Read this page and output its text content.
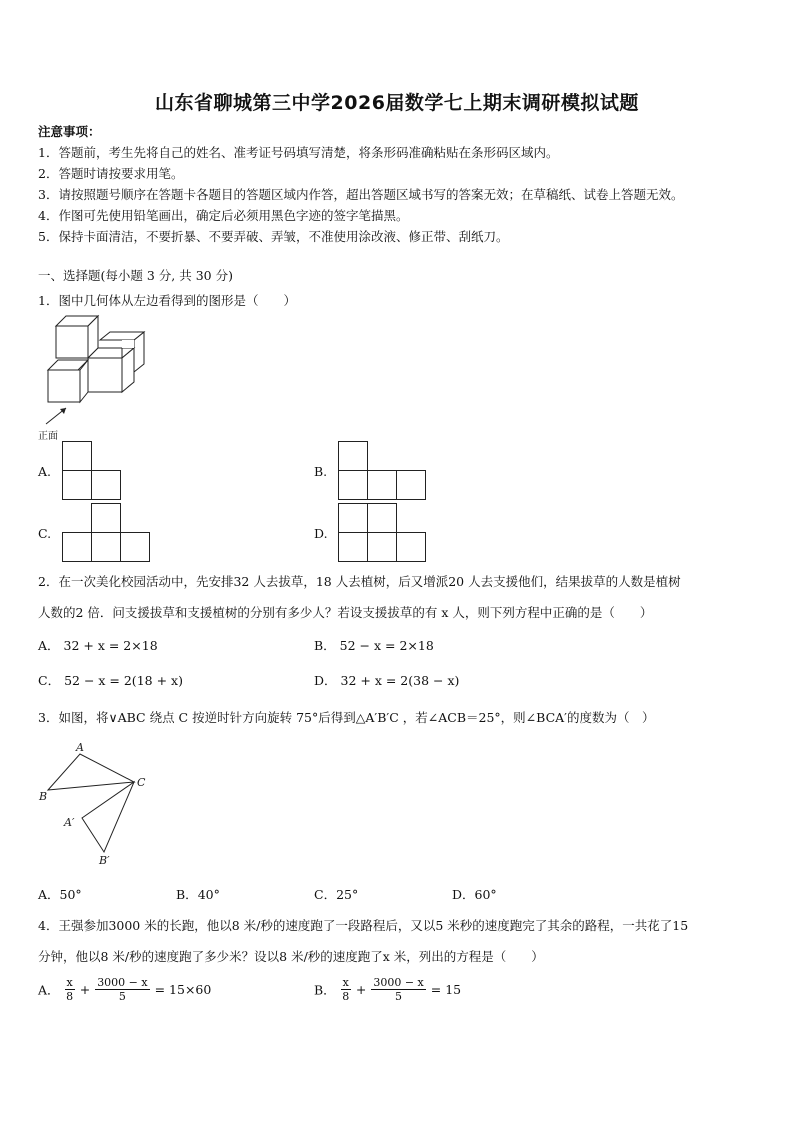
山东省聊城第三中学2026届数学七上期末调研模拟试题
注意事项：
1．答题前，考生先将自己的姓名、准考证号码填写清楚，将条形码准确粘贴在条形码区域内。
2．答题时请按要求用笔。
3．请按照题号顺序在答题卡各题目的答题区域内作答，超出答题区域书写的答案无效；在草稿纸、试卷上答题无效。
4．作图可先使用铅笔画出，确定后必须用黑色字迹的签字笔描黑。
5．保持卡面清洁，不要折暴、不要弄破、弄皱，不准使用涂改液、修正带、刮纸刀。
一、选择题(每小题 3 分, 共 30 分)
1．图中几何体从左边看得到的图形是（　　）
正面
A.	B.
C.	D.
2．在一次美化校园活动中，先安排32 人去拔草，18 人去植树，后又增派20 人去支援他们，结果拔草的人数是植树
人数的2 倍．问支援拔草和支援植树的分别有多少人？若设支援拔草的有 x 人，则下列方程中正确的是（　　）
A． 32 + x = 2×18	B． 52 − x = 2×18
C． 52 − x = 2(18 + x)	D． 32 + x = 2(38 − x)
3．如图，将∨ABC 绕点 C 按逆时针方向旋转 75°后得到△A′B′C ，若∠ACB＝25°，则∠BCA′的度数为（　）
A
B
C
A′
B′
A．50°	B．40°	C．25°	D．60°
4．王强参加3000 米的长跑，他以8 米/秒的速度跑了一段路程后，又以5 米秒的速度跑完了其余的路程，一共花了15
分钟，他以8 米/秒的速度跑了多少米？设以8 米/秒的速度跑了x 米，列出的方程是（　　）
A． $\frac{x}{8} + \frac{3000 - x}{5} = 15\times 60$	B． $\frac{x}{8} + \frac{3000 - x}{5} = 15$
